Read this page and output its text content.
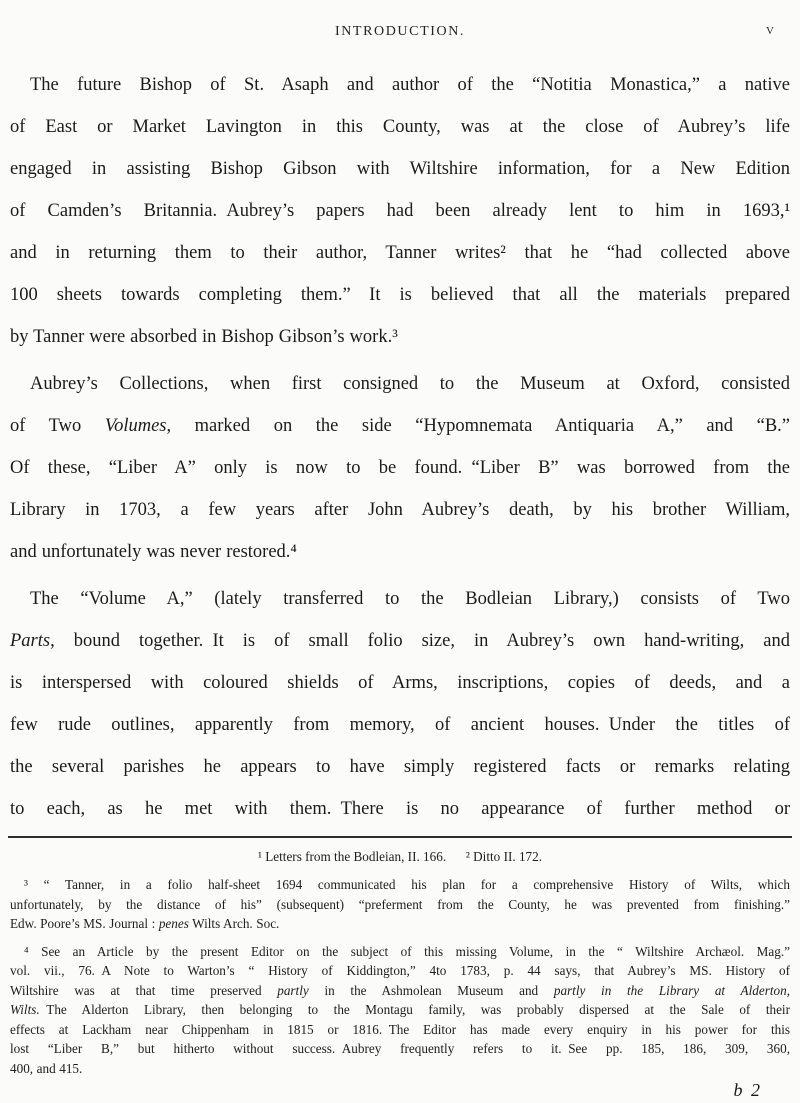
INTRODUCTION.	v
The future Bishop of St. Asaph and author of the “Notitia Monastica,” a native
of East or Market Lavington in this County, was at the close of Aubrey’s life
engaged in assisting Bishop Gibson with Wiltshire information, for a New Edition
of Camden’s Britannia. Aubrey’s papers had been already lent to him in 1693,¹
and in returning them to their author, Tanner writes² that he “had collected above
100 sheets towards completing them.” It is believed that all the materials prepared
by Tanner were absorbed in Bishop Gibson’s work.³
Aubrey’s Collections, when first consigned to the Museum at Oxford, consisted
of Two Volumes, marked on the side “Hypomnemata Antiquaria A,” and “B.”
Of these, “Liber A” only is now to be found. “Liber B” was borrowed from the
Library in 1703, a few years after John Aubrey’s death, by his brother William,
and unfortunately was never restored.⁴
The “Volume A,” (lately transferred to the Bodleian Library,) consists of Two
Parts, bound together. It is of small folio size, in Aubrey’s own hand-writing, and
is interspersed with coloured shields of Arms, inscriptions, copies of deeds, and a
few rude outlines, apparently from memory, of ancient houses. Under the titles of
the several parishes he appears to have simply registered facts or remarks relating
to each, as he met with them. There is no appearance of further method or
¹ Letters from the Bodleian, II. 166.  ² Ditto II. 172.
³ “ Tanner, in a folio half-sheet 1694 communicated his plan for a comprehensive History of Wilts, which
unfortunately, by the distance of his” (subsequent) “preferment from the County, he was prevented from finishing.”
Edw. Poore’s MS. Journal : penes Wilts Arch. Soc.
⁴ See an Article by the present Editor on the subject of this missing Volume, in the “ Wiltshire Archæol. Mag.”
vol. vii., 76. A Note to Warton’s “ History of Kiddington,” 4to 1783, p. 44 says, that Aubrey’s MS. History of
Wiltshire was at that time preserved partly in the Ashmolean Museum and partly in the Library at Alderton,
Wilts. The Alderton Library, then belonging to the Montagu family, was probably dispersed at the Sale of their
effects at Lackham near Chippenham in 1815 or 1816. The Editor has made every enquiry in his power for this
lost “Liber B,” but hitherto without success. Aubrey frequently refers to it. See pp. 185, 186, 309, 360,
400, and 415.
b 2
